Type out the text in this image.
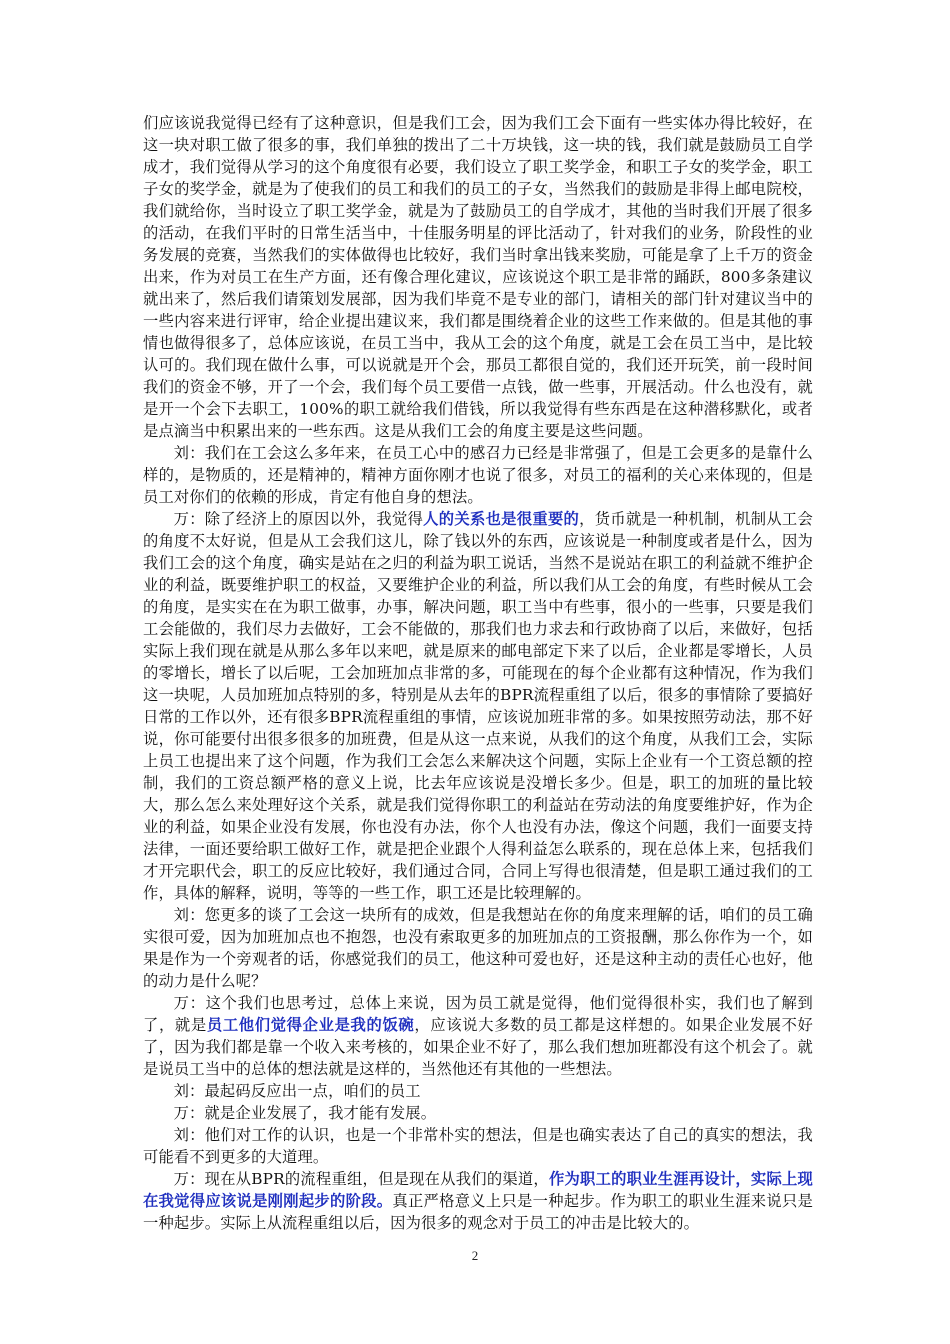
们应该说我觉得已经有了这种意识，但是我们工会，因为我们工会下面有一些实体办得比较好，在这一块对职工做了很多的事，我们单独的拨出了二十万块钱，这一块的钱，我们就是鼓励员工自学成才，我们觉得从学习的这个角度很有必要，我们设立了职工奖学金，和职工子女的奖学金，职工子女的奖学金，就是为了使我们的员工和我们的员工的子女，当然我们的鼓励是非得上邮电院校，我们就给你，当时设立了职工奖学金，就是为了鼓励员工的自学成才，其他的当时我们开展了很多的活动，在我们平时的日常生活当中，十佳服务明星的评比活动了，针对我们的业务，阶段性的业务发展的竞赛，当然我们的实体做得也比较好，我们当时拿出钱来奖励，可能是拿了上千万的资金出来，作为对员工在生产方面，还有像合理化建议，应该说这个职工是非常的踊跃，800多条建议就出来了，然后我们请策划发展部，因为我们毕竟不是专业的部门，请相关的部门针对建议当中的一些内容来进行评审，给企业提出建议来，我们都是围绕着企业的这些工作来做的。但是其他的事情也做得很多了，总体应该说，在员工当中，我从工会的这个角度，就是工会在员工当中，是比较认可的。我们现在做什么事，可以说就是开个会，那员工都很自觉的，我们还开玩笑，前一段时间我们的资金不够，开了一个会，我们每个员工要借一点钱，做一些事，开展活动。什么也没有，就是开一个会下去职工，100%的职工就给我们借钱，所以我觉得有些东西是在这种潜移默化，或者是点滴当中积累出来的一些东西。这是从我们工会的角度主要是这些问题。

刘：我们在工会这么多年来，在员工心中的感召力已经是非常强了，但是工会更多的是靠什么样的，是物质的，还是精神的，精神方面你刚才也说了很多，对员工的福利的关心来体现的，但是员工对你们的依赖的形成，肯定有他自身的想法。

万：除了经济上的原因以外，我觉得人的关系也是很重要的，货币就是一种机制，机制从工会的角度不太好说，但是从工会我们这儿，除了钱以外的东西，应该说是一种制度或者是什么，因为我们工会的这个角度，确实是站在之归的利益为职工说话，当然不是说站在职工的利益就不维护企业的利益，既要维护职工的权益，又要维护企业的利益，所以我们从工会的角度，有些时候从工会的角度，是实实在在为职工做事，办事，解决问题，职工当中有些事，很小的一些事，只要是我们工会能做的，我们尽力去做好，工会不能做的，那我们也力求去和行政协商了以后，来做好，包括实际上我们现在就是从那么多年以来吧，就是原来的邮电部定下来了以后，企业都是零增长，人员的零增长，增长了以后呢，工会加班加点非常的多，可能现在的每个企业都有这种情况，作为我们这一块呢，人员加班加点特别的多，特别是从去年的BPR流程重组了以后，很多的事情除了要搞好日常的工作以外，还有很多BPR流程重组的事情，应该说加班非常的多。如果按照劳动法，那不好说，你可能要付出很多很多的加班费，但是从这一点来说，从我们的这个角度，从我们工会，实际上员工也提出来了这个问题，作为我们工会怎么来解决这个问题，实际上企业有一个工资总额的控制，我们的工资总额严格的意义上说，比去年应该说是没增长多少。但是，职工的加班的量比较大，那么怎么来处理好这个关系，就是我们觉得你职工的利益站在劳动法的角度要维护好，作为企业的利益，如果企业没有发展，你也没有办法，你个人也没有办法，像这个问题，我们一面要支持法律，一面还要给职工做好工作，就是把企业跟个人得利益怎么联系的，现在总体上来，包括我们才开完职代会，职工的反应比较好，我们通过合同，合同上写得也很清楚，但是职工通过我们的工作，具体的解释，说明，等等的一些工作，职工还是比较理解的。

刘：您更多的谈了工会这一块所有的成效，但是我想站在你的角度来理解的话，咱们的员工确实很可爱，因为加班加点也不抱怨，也没有索取更多的加班加点的工资报酬，那么你作为一个，如果是作为一个旁观者的话，你感觉我们的员工，他这种可爱也好，还是这种主动的责任心也好，他的动力是什么呢？

万：这个我们也思考过，总体上来说，因为员工就是觉得，他们觉得很朴实，我们也了解到了，就是员工他们觉得企业是我的饭碗，应该说大多数的员工都是这样想的。如果企业发展不好了，因为我们都是靠一个收入来考核的，如果企业不好了，那么我们想加班都没有这个机会了。就是说员工当中的总体的想法就是这样的，当然他还有其他的一些想法。

刘：最起码反应出一点，咱们的员工

万：就是企业发展了，我才能有发展。

刘：他们对工作的认识，也是一个非常朴实的想法，但是也确实表达了自己的真实的想法，我可能看不到更多的大道理。

万：现在从BPR的流程重组，但是现在从我们的渠道，作为职工的职业生涯再设计，实际上现在我觉得应该说是刚刚起步的阶段。真正严格意义上只是一种起步。作为职工的职业生涯来说只是一种起步。实际上从流程重组以后，因为很多的观念对于员工的冲击是比较大的。

2
